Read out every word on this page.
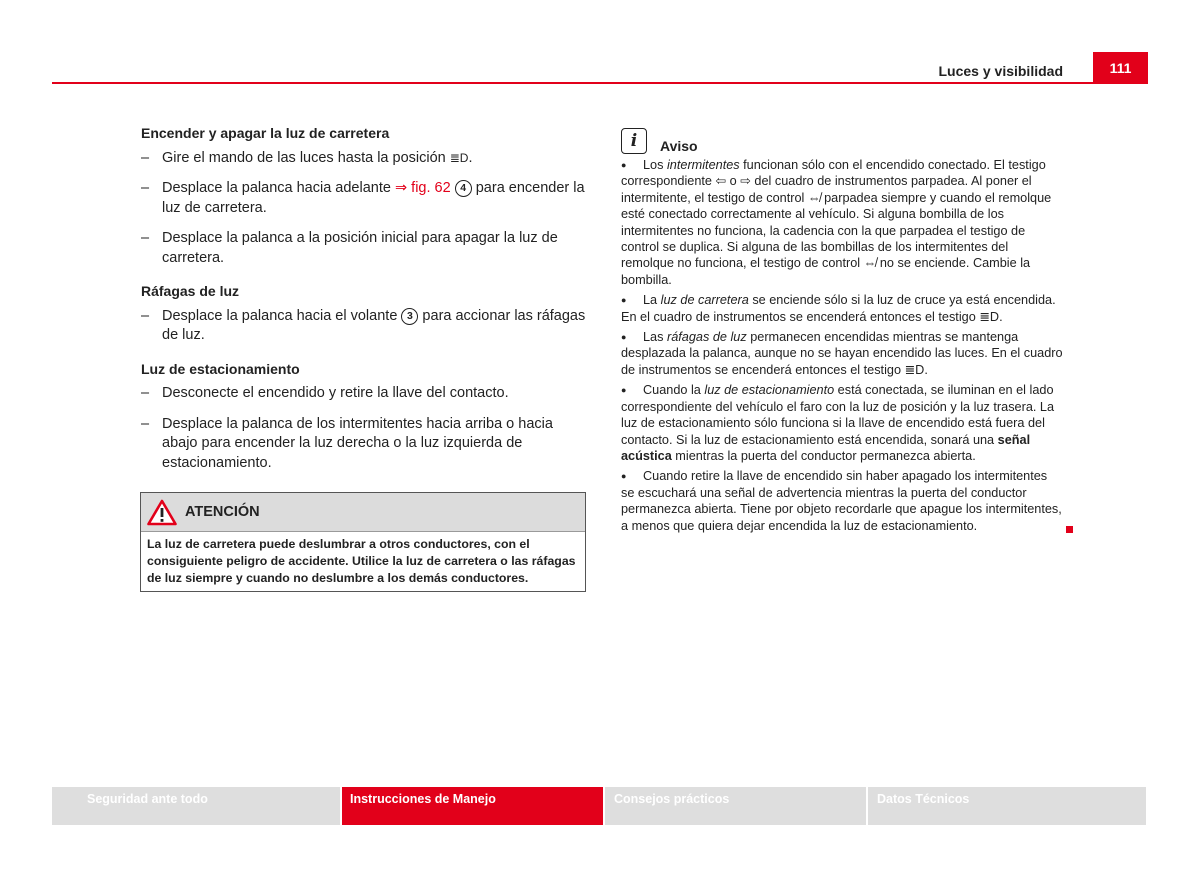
Luces y visibilidad	111
Encender y apagar la luz de carretera
– Gire el mando de las luces hasta la posición ≣D.
– Desplace la palanca hacia adelante ⇒ fig. 62 4 para encender la luz de carretera.
– Desplace la palanca a la posición inicial para apagar la luz de carretera.
Ráfagas de luz
– Desplace la palanca hacia el volante 3 para accionar las ráfagas de luz.
Luz de estacionamiento
– Desconecte el encendido y retire la llave del contacto.
– Desplace la palanca de los intermitentes hacia arriba o hacia abajo para encender la luz derecha o la luz izquierda de estacionamiento.
ATENCIÓN
La luz de carretera puede deslumbrar a otros conductores, con el consiguiente peligro de accidente. Utilice la luz de carretera o las ráfagas de luz siempre y cuando no deslumbre a los demás conductores.
i	Aviso
● Los intermitentes funcionan sólo con el encendido conectado. El testigo correspondiente ⇦ o ⇨ del cuadro de instrumentos parpadea. Al poner el intermitente, el testigo de control ⇎ parpadea siempre y cuando el remolque esté conectado correctamente al vehículo. Si alguna bombilla de los intermitentes no funciona, la cadencia con la que parpadea el testigo de control se duplica. Si alguna de las bombillas de los intermitentes del remolque no funciona, el testigo de control ⇎ no se enciende. Cambie la bombilla.
● La luz de carretera se enciende sólo si la luz de cruce ya está encendida. En el cuadro de instrumentos se encenderá entonces el testigo ≣D.
● Las ráfagas de luz permanecen encendidas mientras se mantenga desplazada la palanca, aunque no se hayan encendido las luces. En el cuadro de instrumentos se encenderá entonces el testigo ≣D.
● Cuando la luz de estacionamiento está conectada, se iluminan en el lado correspondiente del vehículo el faro con la luz de posición y la luz trasera. La luz de estacionamiento sólo funciona si la llave de encendido está fuera del contacto. Si la luz de estacionamiento está encendida, sonará una señal acústica mientras la puerta del conductor permanezca abierta.
● Cuando retire la llave de encendido sin haber apagado los intermitentes se escuchará una señal de advertencia mientras la puerta del conductor permanezca abierta. Tiene por objeto recordarle que apague los intermitentes, a menos que quiera dejar encendida la luz de estacionamiento.
Seguridad ante todo	Instrucciones de Manejo	Consejos prácticos	Datos Técnicos
